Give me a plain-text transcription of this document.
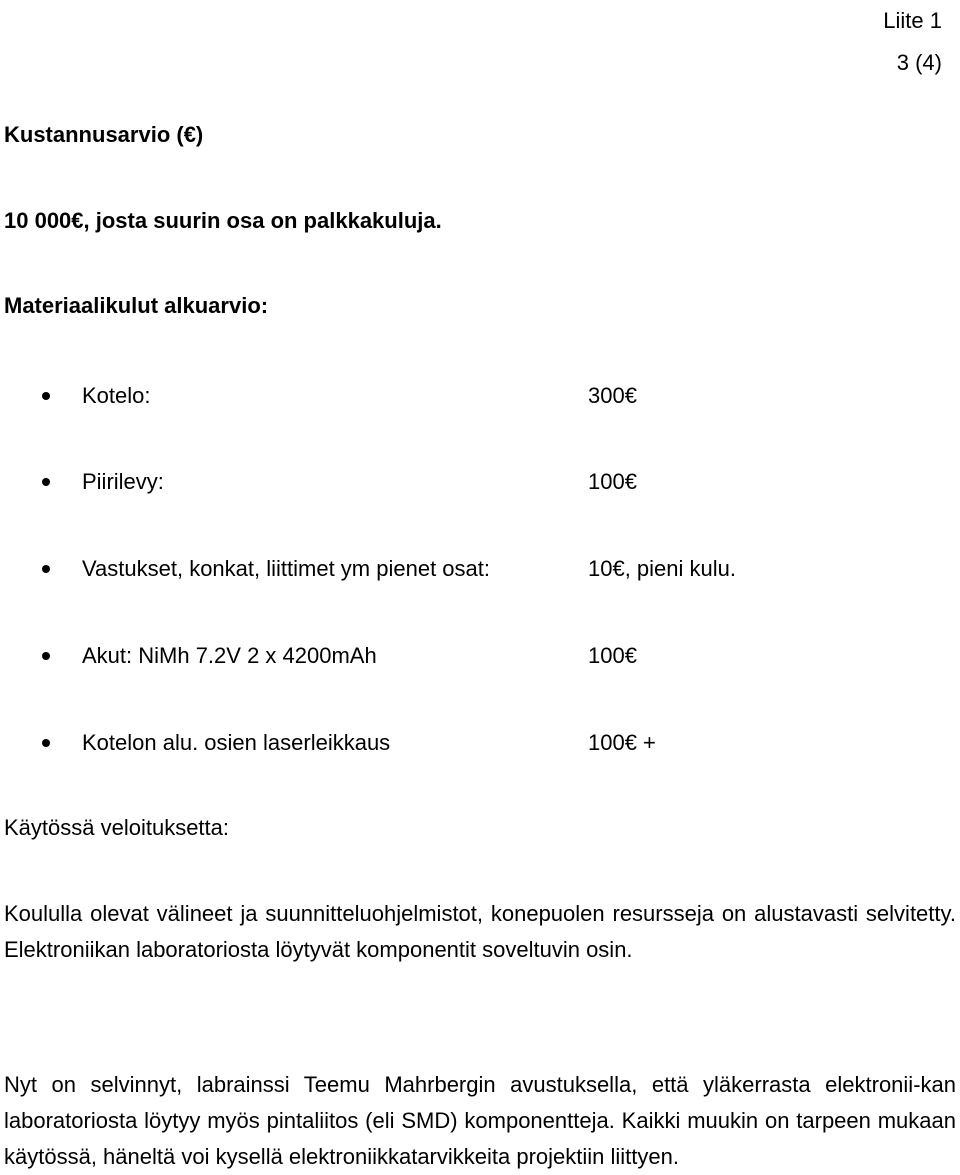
Liite 1
3 (4)
Kustannusarvio (€)
10 000€, josta suurin osa on palkkakuluja.
Materiaalikulut alkuarvio:
Kotelo:	300€
Piirilevy:	100€
Vastukset, konkat, liittimet ym pienet osat:	10€, pieni kulu.
Akut: NiMh 7.2V 2 x 4200mAh	100€
Kotelon alu. osien laserleikkaus	100€ +
Käytössä veloituksetta:
Koululla olevat välineet ja suunnitteluohjelmistot, konepuolen resursseja on alustavasti selvitetty. Elektroniikan laboratoriosta löytyvät komponentit soveltuvin osin.
Nyt on selvinnyt, labrainssi Teemu Mahrbergin avustuksella, että yläkerrasta elektronii-kan laboratoriosta löytyy myös pintaliitos (eli SMD) komponentteja. Kaikki muukin on tarpeen mukaan käytössä, häneltä voi kysellä elektroniikkatarvikkeita projektiin liittyen.
